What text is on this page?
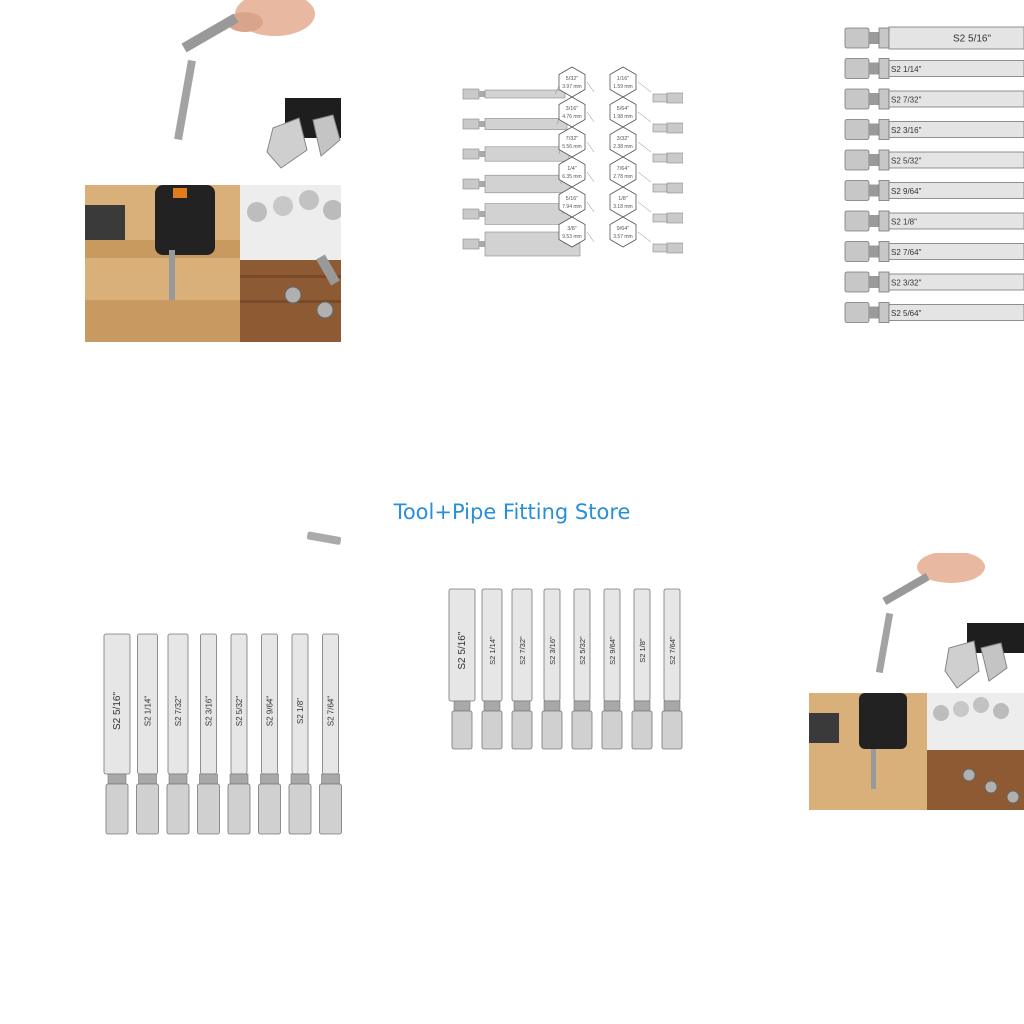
5/32"
3.97 mm
3/16"
4.76 mm
7/32"
5.56 mm
1/4"
6.35 mm
5/16"
7.94 mm
3/8"
9.53 mm
1/16"
1.59 mm
5/64"
1.98 mm
3/32"
2.38 mm
7/64"
2.78 mm
1/8"
3.18 mm
9/64"
3.57 mm
S2 5/16"
S2 1/14"
S2 7/32"
S2 3/16"
S2 5/32"
S2 9/64"
S2 1/8"
S2 7/64"
S2 3/32"
S2 5/64"
Tool+Pipe Fitting Store
S2 5/16"	S2 1/14"	S2 7/32"	S2 3/16"	S2 5/32"	S2 9/64"	S2 1/8"	S2 7/64"
S2 5/16"	S2 1/14"	S2 7/32"	S2 3/16"	S2 5/32"	S2 9/64"	S2 1/8"	S2 7/64"
